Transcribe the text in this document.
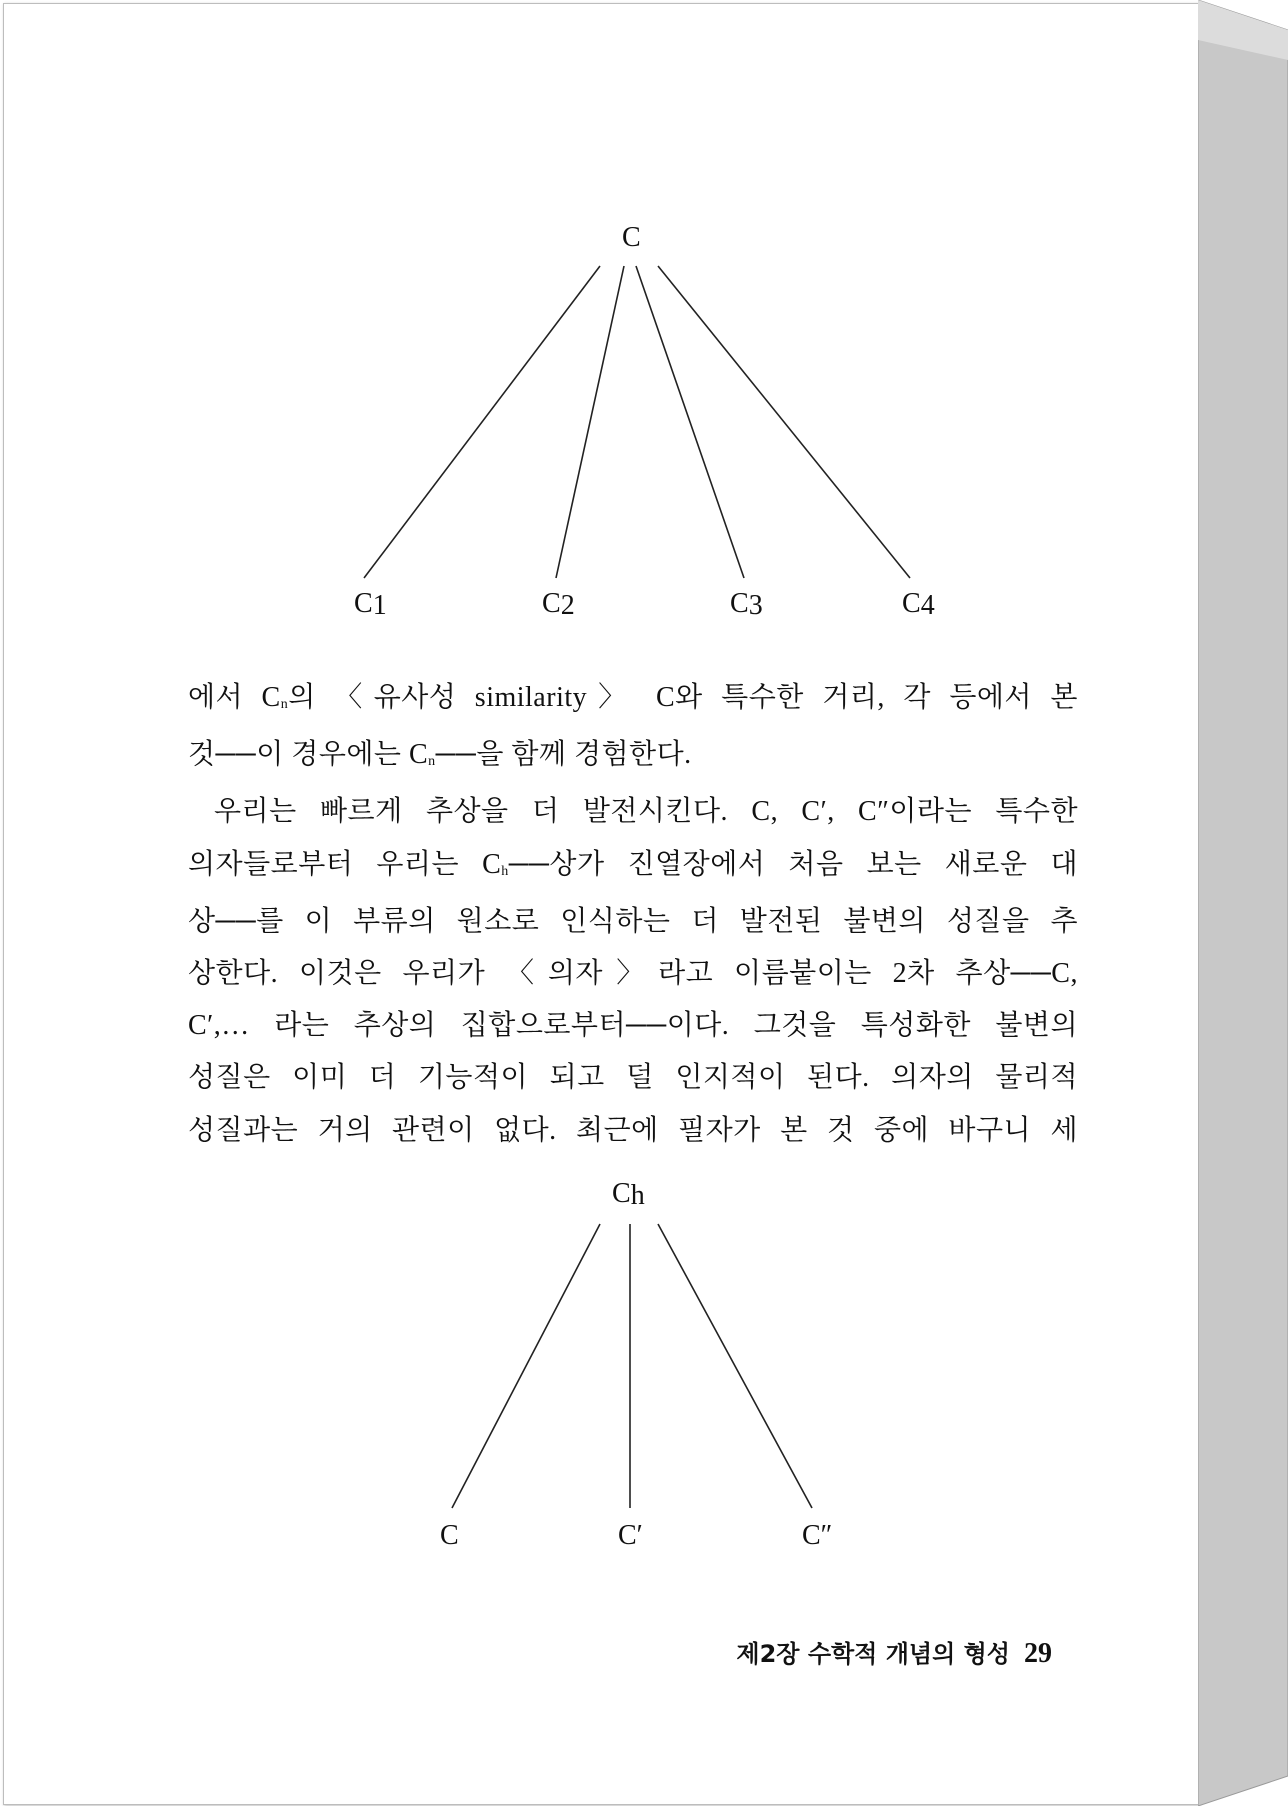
C
C1	C2	C3	C4
Ch
C	C′	C″
에서 $C_n$의 〈유사성 similarity〉 C와 특수한 거리, 각 등에서 본
것──이 경우에는 $C_n──$을 함께 경험한다.
우리는 빠르게 추상을 더 발전시킨다. C, C′, C″이라는 특수한
의자들로부터 우리는 $C_h──$상가 진열장에서 처음 보는 새로운 대
상──를 이 부류의 원소로 인식하는 더 발전된 불변의 성질을 추
상한다. 이것은 우리가 〈의자〉라고 이름붙이는 2차 추상──C,
C′,… 라는 추상의 집합으로부터──이다. 그것을 특성화한 불변의
성질은 이미 더 기능적이 되고 덜 인지적이 된다. 의자의 물리적
성질과는 거의 관련이 없다. 최근에 필자가 본 것 중에 바구니 세
제2장 수학적 개념의 형성 29
